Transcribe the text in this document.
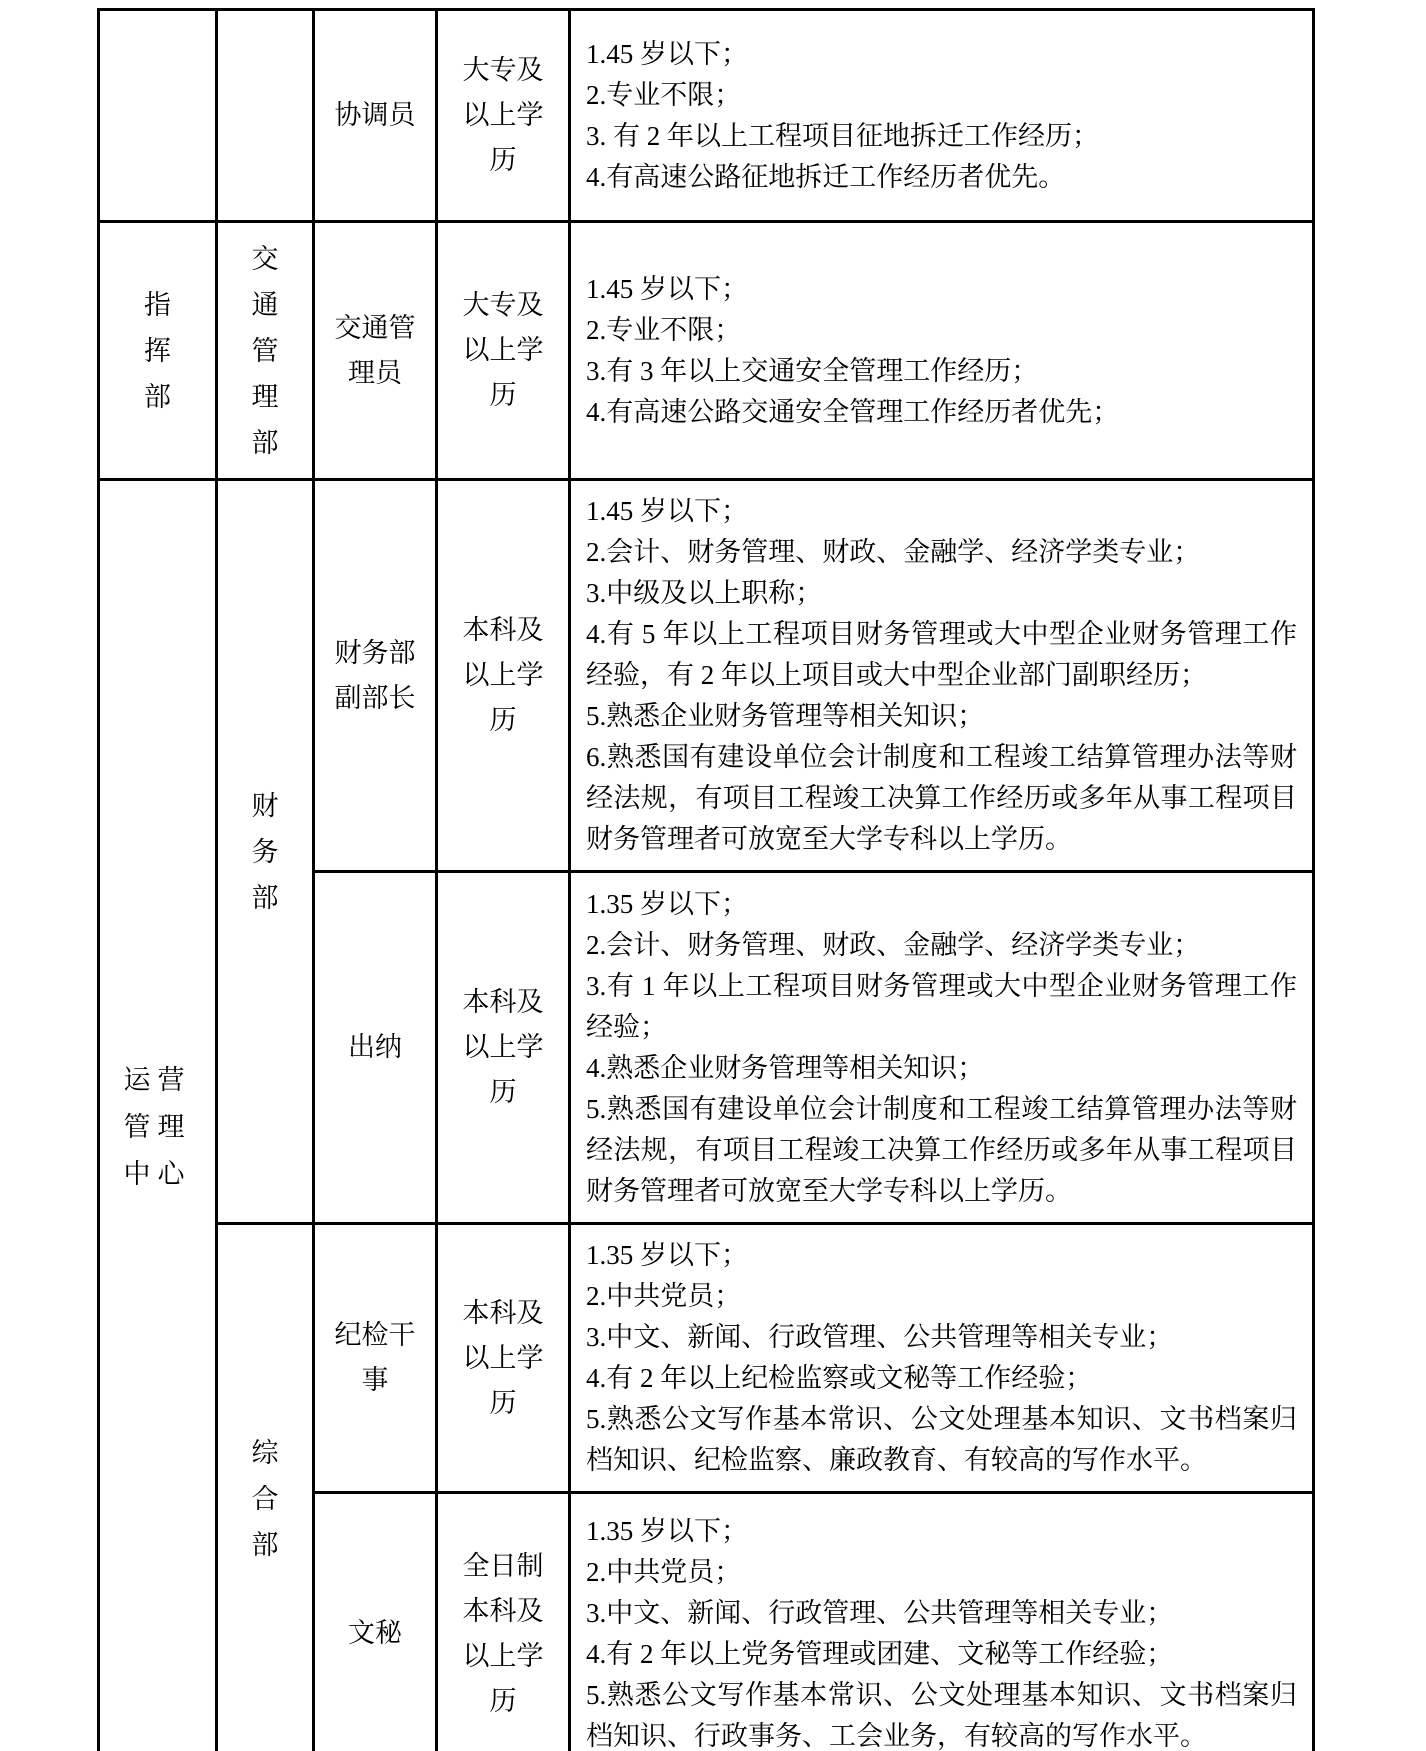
		协调员	大专及以上学历	1.45 岁以下；
2.专业不限；
3. 有 2 年以上工程项目征地拆迁工作经历；
4.有高速公路征地拆迁工作经历者优先。

指挥部	交通管理部	交通管理员	大专及以上学历	1.45 岁以下；
2.专业不限；
3.有 3 年以上交通安全管理工作经历；
4.有高速公路交通安全管理工作经历者优先；

运营管理中心	财务部	财务部副部长	本科及以上学历	
1.45 岁以下；
2.会计、财务管理、财政、金融学、经济学类专业；
3.中级及以上职称；
4.有 5 年以上工程项目财务管理或大中型企业财务管理工作经验，有 2 年以上项目或大中型企业部门副职经历；
5.熟悉企业财务管理等相关知识；
6.熟悉国有建设单位会计制度和工程竣工结算管理办法等财经法规，有项目工程竣工决算工作经历或多年从事工程项目财务管理者可放宽至大学专科以上学历。

		出纳	本科及以上学历	1.35 岁以下；
2.会计、财务管理、财政、金融学、经济学类专业；
3.有 1 年以上工程项目财务管理或大中型企业财务管理工作经验；
4.熟悉企业财务管理等相关知识；
5.熟悉国有建设单位会计制度和工程竣工结算管理办法等财经法规，有项目工程竣工决算工作经历或多年从事工程项目财务管理者可放宽至大学专科以上学历。

	综合部	纪检干事	本科及以上学历	1.35 岁以下；
2.中共党员；
3.中文、新闻、行政管理、公共管理等相关专业；
4.有 2 年以上纪检监察或文秘等工作经验；
5.熟悉公文写作基本常识、公文处理基本知识、文书档案归档知识、纪检监察、廉政教育、有较高的写作水平。

		文秘	全日制本科及以上学历	1.35 岁以下；
2.中共党员；
3.中文、新闻、行政管理、公共管理等相关专业；
4.有 2 年以上党务管理或团建、文秘等工作经验；
5.熟悉公文写作基本常识、公文处理基本知识、文书档案归档知识、行政事务、工会业务，有较高的写作水平。
